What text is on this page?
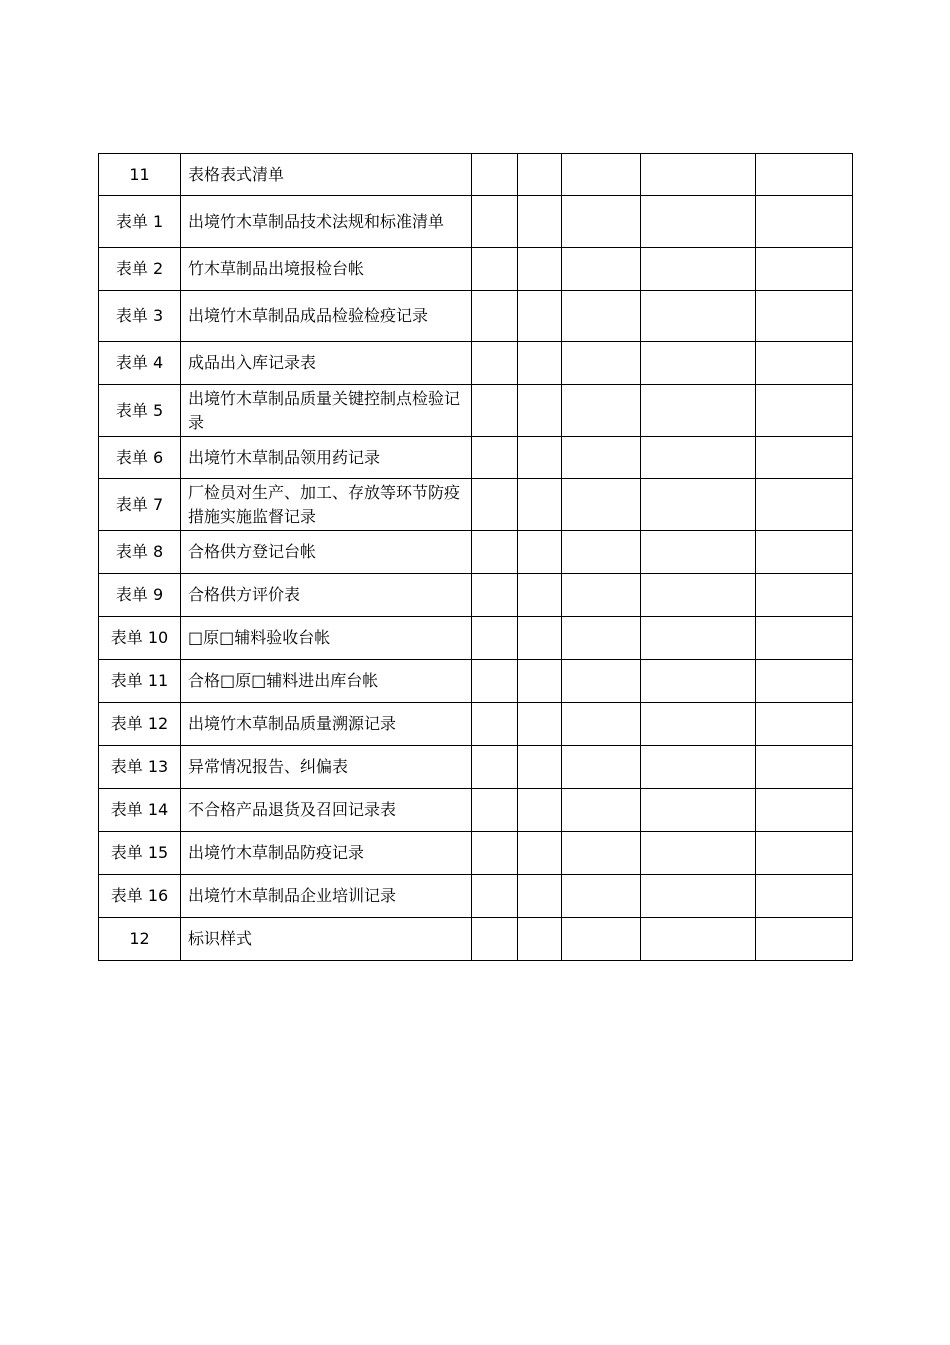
11	表格表式清单					

表单 1	出境竹木草制品技术法规和标准清单					

表单 2	竹木草制品出境报检台帐					

表单 3	出境竹木草制品成品检验检疫记录					

表单 4	成品出入库记录表					

表单 5	出境竹木草制品质量关键控制点检验记录					

表单 6	出境竹木草制品领用药记录					

表单 7	厂检员对生产、加工、存放等环节防疫措施实施监督记录					

表单 8	合格供方登记台帐					

表单 9	合格供方评价表					

表单 10	□原□辅料验收台帐					

表单 11	合格□原□辅料进出库台帐					

表单 12	出境竹木草制品质量溯源记录					

表单 13	异常情况报告、纠偏表					

表单 14	不合格产品退货及召回记录表					

表单 15	出境竹木草制品防疫记录					

表单 16	出境竹木草制品企业培训记录					

12	标识样式					
